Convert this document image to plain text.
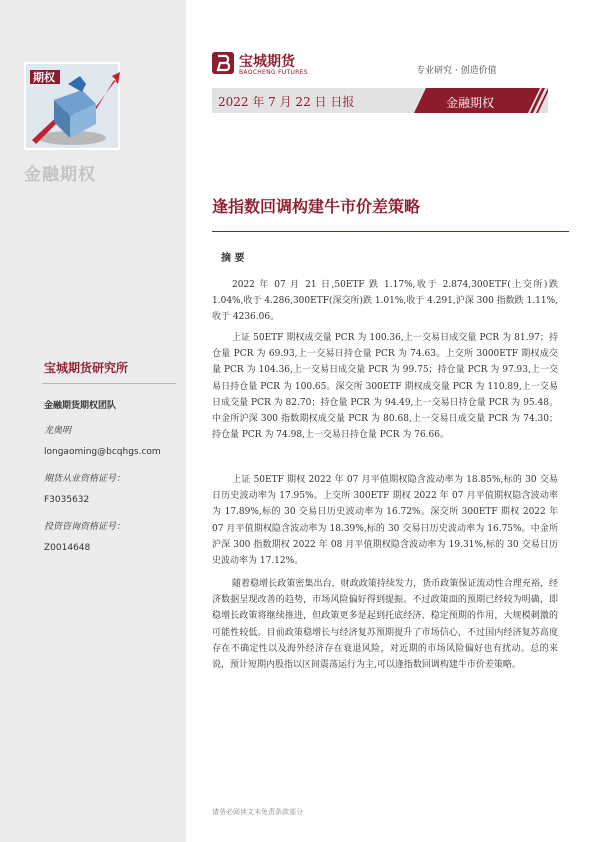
期权
金融期权
宝城期货研究所
金融期货期权团队
龙奥明
longaoming@bcqhgs.com
期货从业资格证号：
F3035632
投资咨询资格证号：
Z0014648
宝城期货
BAOCHENG FUTURES	专业研究 · 创造价值
2022 年 7 月 22 日 日报	金融期权
逢指数回调构建牛市价差策略
摘 要

2022 年 07 月 21 日,50ETF 跌 1.17%,收于 2.874,300ETF(上交所)跌 1.04%,收于 4.286,300ETF(深交所)跌 1.01%,收于 4.291,沪深 300 指数跌 1.11%,收于 4236.06。

上证 50ETF 期权成交量 PCR 为 100.36,上一交易日成交量 PCR 为 81.97；持仓量 PCR 为 69.93,上一交易日持仓量 PCR 为 74.63。上交所 3000ETF 期权成交量 PCR 为 104.36,上一交易日成交量 PCR 为 99.75；持仓量 PCR 为 97.93,上一交易日持仓量 PCR 为 100.65。深交所 300ETF 期权成交量 PCR 为 110.89,上一交易日成交量 PCR 为 82.70；持仓量 PCR 为 94.49,上一交易日持仓量 PCR 为 95.48。中金所沪深 300 指数期权成交量 PCR 为 80.68,上一交易日成交量 PCR 为 74.30；持仓量 PCR 为 74.98,上一交易日持仓量 PCR 为 76.66。

上证 50ETF 期权 2022 年 07 月平值期权隐含波动率为 18.85%,标的 30 交易日历史波动率为 17.95%。上交所 300ETF 期权 2022 年 07 月平值期权隐含波动率为 17.89%,标的 30 交易日历史波动率为 16.72%。深交所 300ETF 期权 2022 年 07 月平值期权隐含波动率为 18.39%,标的 30 交易日历史波动率为 16.75%。中金所沪深 300 指数期权 2022 年 08 月平值期权隐含波动率为 19.31%,标的 30 交易日历史波动率为 17.12%。

随着稳增长政策密集出台，财政政策持续发力，货币政策保证流动性合理充裕，经济数据呈现改善的趋势，市场风险偏好得到提振。不过政策面的预期已经较为明确，即稳增长政策将继续推进，但政策更多是起到托底经济、稳定预期的作用，大规模刺激的可能性较低。目前政策稳增长与经济复苏预期提升了市场信心，不过国内经济复苏高度存在不确定性以及海外经济存在衰退风险，对近期的市场风险偏好也有扰动。总的来说，预计短期内股指以区间震荡运行为主,可以逢指数回调构建牛市价差策略。

请务必阅读文末免责条款部分
